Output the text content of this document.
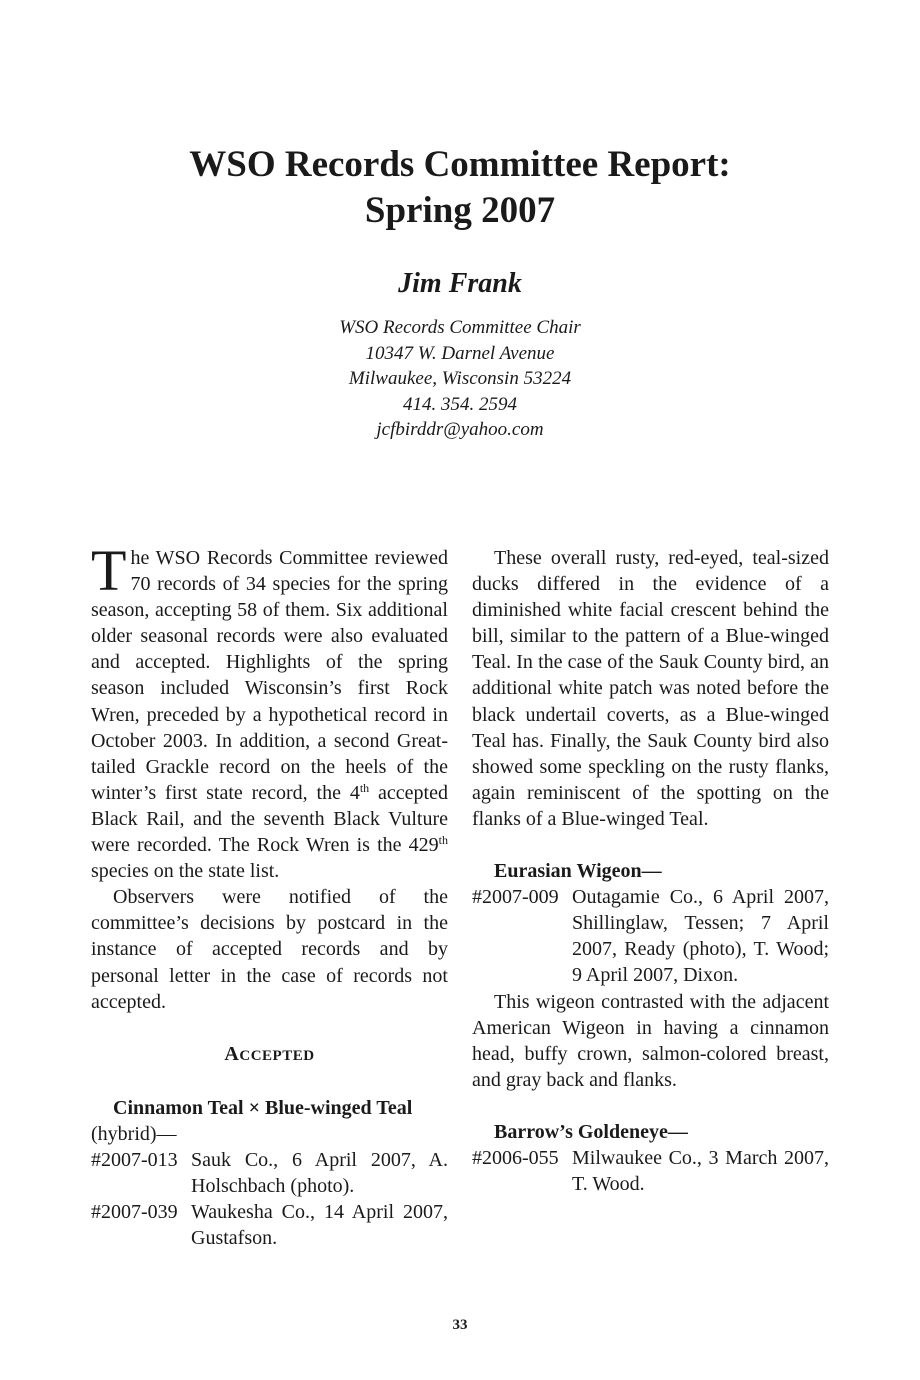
WSO Records Committee Report:
Spring 2007
Jim Frank
WSO Records Committee Chair
10347 W. Darnel Avenue
Milwaukee, Wisconsin 53224
414. 354. 2594
jcfbirddr@yahoo.com

The WSO Records Committee reviewed 70 records of 34 species for the spring season, accepting 58 of them. Six additional older seasonal records were also evaluated and accepted. Highlights of the spring season included Wisconsin’s first Rock Wren, preceded by a hypothetical record in October 2003. In addition, a second Great-tailed Grackle record on the heels of the winter’s first state record, the 4th accepted Black Rail, and the seventh Black Vulture were recorded. The Rock Wren is the 429th species on the state list.

Observers were notified of the committee’s decisions by postcard in the instance of accepted records and by personal letter in the case of records not accepted.

ACCEPTED
Cinnamon Teal × Blue-winged Teal
(hybrid)—
#2007-013 Sauk Co., 6 April 2007, A. Holschbach (photo).
#2007-039 Waukesha Co., 14 April 2007, Gustafson.

These overall rusty, red-eyed, teal-sized ducks differed in the evidence of a diminished white facial crescent behind the bill, similar to the pattern of a Blue-winged Teal. In the case of the Sauk County bird, an additional white patch was noted before the black undertail coverts, as a Blue-winged Teal has. Finally, the Sauk County bird also showed some speckling on the rusty flanks, again reminiscent of the spotting on the flanks of a Blue-winged Teal.

Eurasian Wigeon—
#2007-009 Outagamie Co., 6 April 2007, Shillinglaw, Tessen; 7 April 2007, Ready (photo), T. Wood; 9 April 2007, Dixon.

This wigeon contrasted with the adjacent American Wigeon in having a cinnamon head, buffy crown, salmon-colored breast, and gray back and flanks.

Barrow’s Goldeneye—
#2006-055 Milwaukee Co., 3 March 2007, T. Wood.
33
